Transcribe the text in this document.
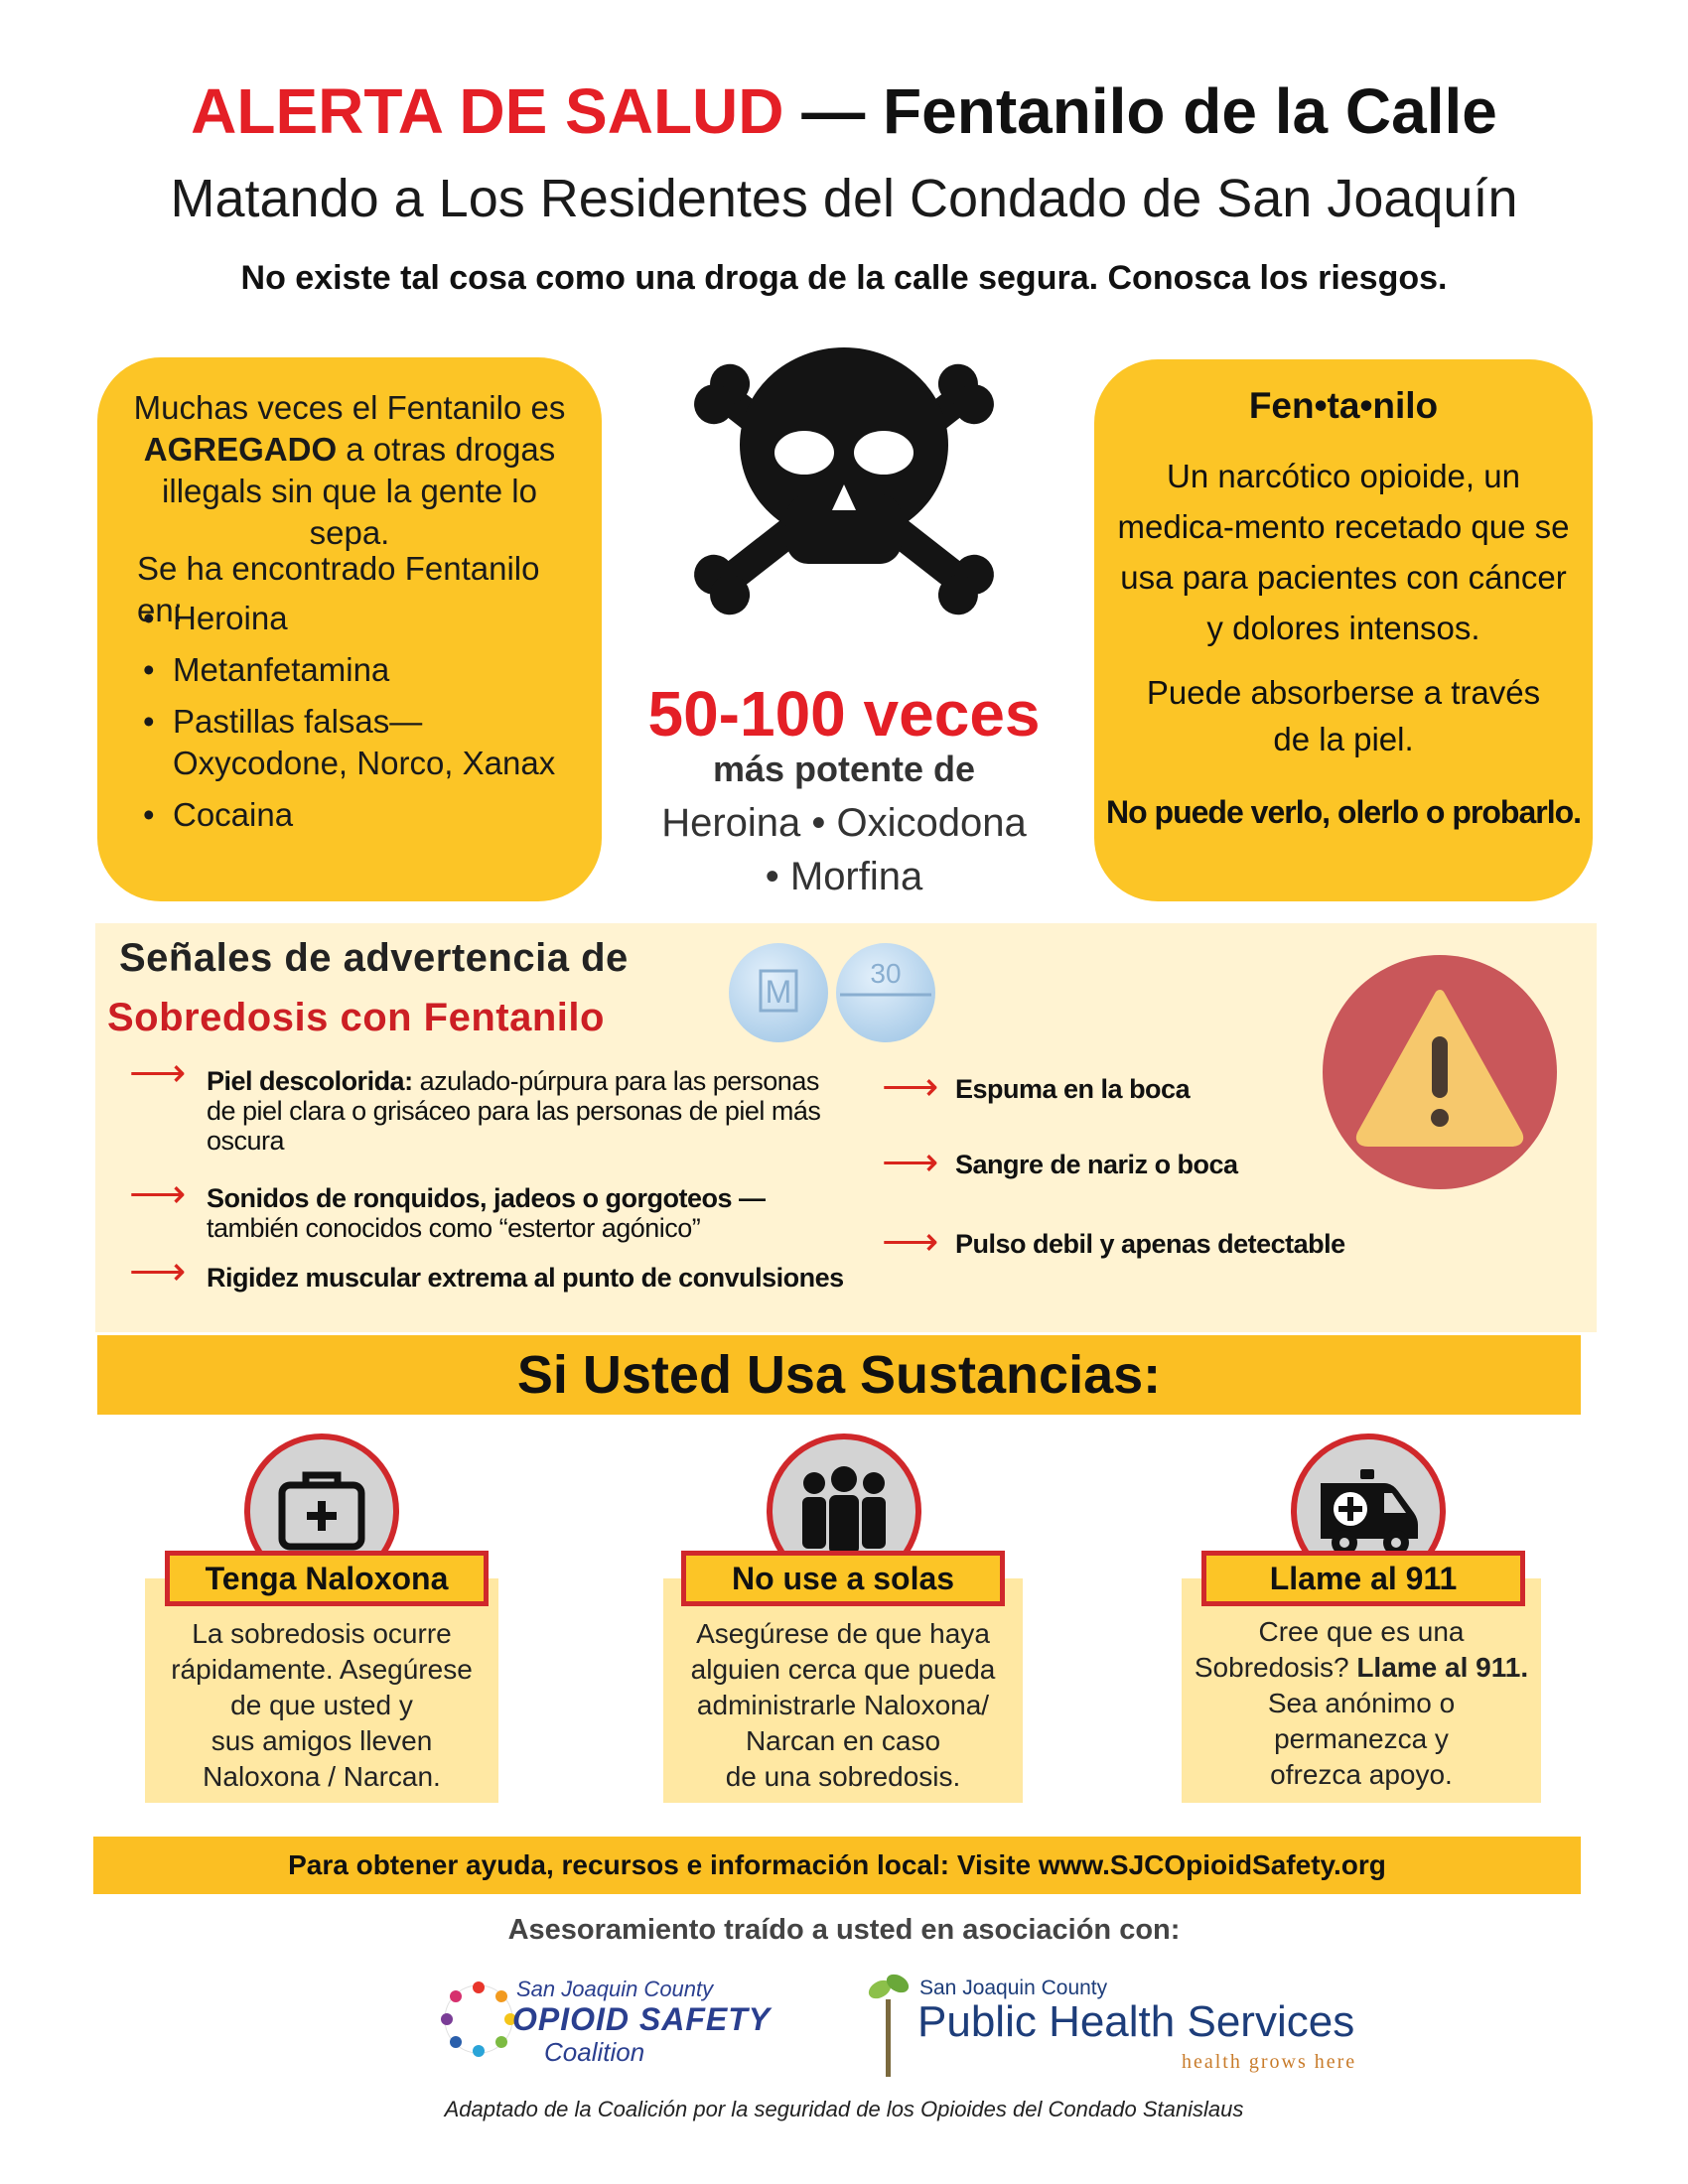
ALERTA DE SALUD — Fentanilo de la Calle
Matando a Los Residentes del Condado de San Joaquín
No existe tal cosa como una droga de la calle segura. Conosca los riesgos.
Muchas veces el Fentanilo es AGREGADO a otras drogas illegals sin que la gente lo sepa.
Se ha encontrado Fentanilo en:
• Heroina
• Metanfetamina
• Pastillas falsas—Oxycodone, Norco, Xanax
• Cocaina
50-100 veces
más potente de
Heroina • Oxicodona
• Morfina
Fen•ta•nilo
Un narcótico opioide, un medica-mento recetado que se usa para pacientes con cáncer y dolores intensos.
Puede absorberse a través de la piel.
No puede verlo, olerlo o probarlo.
Señales de advertencia de
Sobredosis con Fentanilo
M
30
⟶ Piel descolorida: azulado-púrpura para las personas de piel clara o grisáceo para las personas de piel más oscura
⟶ Sonidos de ronquidos, jadeos o gorgoteos —
también conocidos como “estertor agónico”
⟶ Rigidez muscular extrema al punto de convulsiones
⟶ Espuma en la boca
⟶ Sangre de nariz o boca
⟶ Pulso debil y apenas detectable
Si Usted Usa Sustancias:
Tenga Naloxona
La sobredosis ocurre
rápidamente. Asegúrese
de que usted y
sus amigos lleven
Naloxona / Narcan.
No use a solas
Asegúrese de que haya
alguien cerca que pueda
administrarle Naloxona/
Narcan en caso
de una sobredosis.
Llame al 911
Cree que es una
Sobredosis? Llame al 911.
Sea anónimo o
permanezca y
ofrezca apoyo.
Para obtener ayuda, recursos e información local: Visite www.SJCOpioidSafety.org
Asesoramiento traído a usted en asociación con:
San Joaquin County
OPIOID SAFETY
Coalition
San Joaquin County
Public Health Services
health grows here
Adaptado de la Coalición por la seguridad de los Opioides del Condado Stanislaus
